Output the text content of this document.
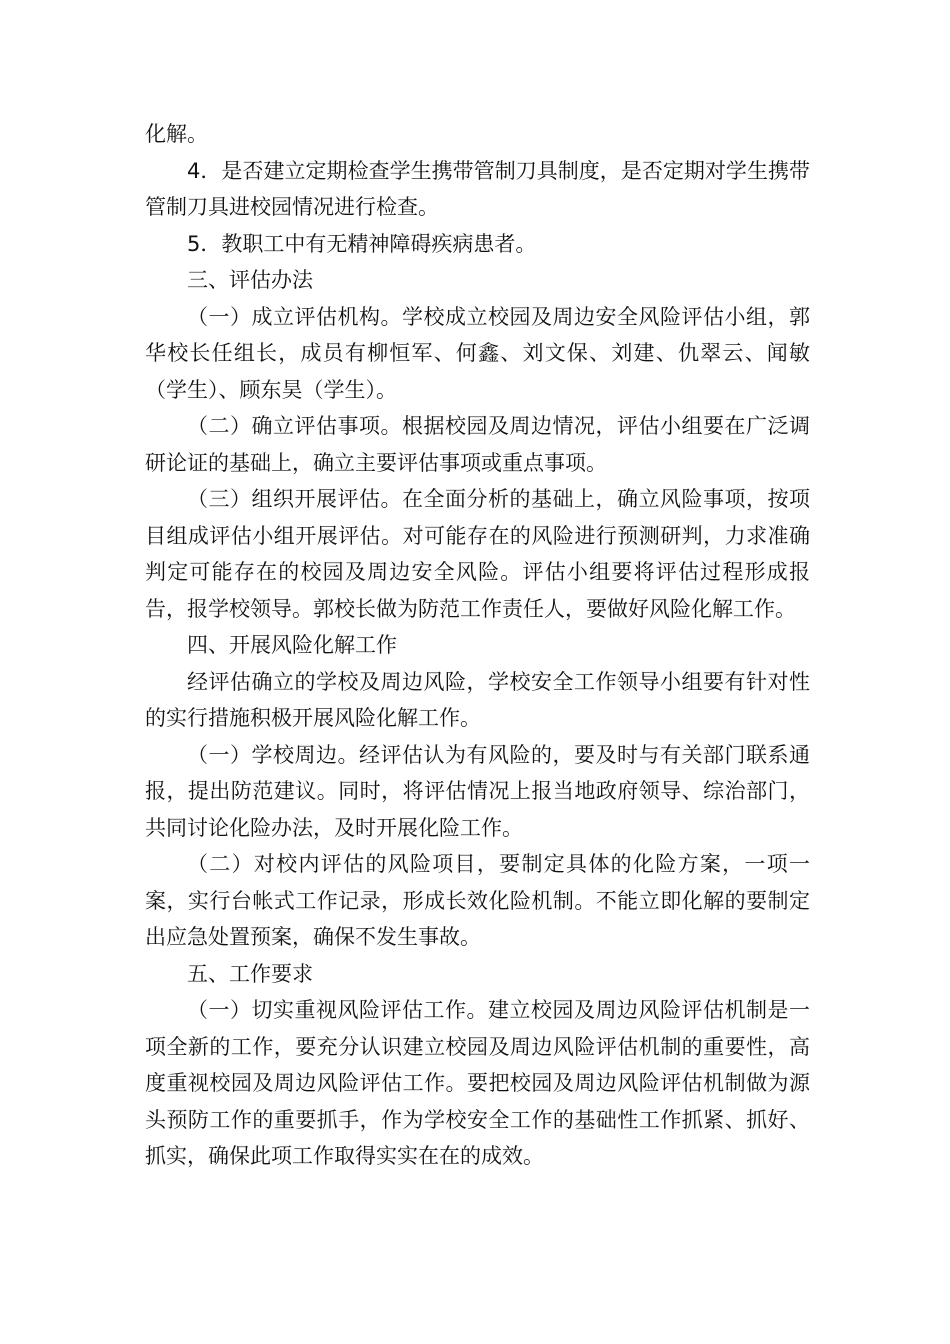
化解。

4．是否建立定期检查学生携带管制刀具制度，是否定期对学生携带管制刀具进校园情况进行检查。

5．教职工中有无精神障碍疾病患者。

三、评估办法

（一）成立评估机构。学校成立校园及周边安全风险评估小组，郭华校长任组长，成员有柳恒军、何鑫、刘文保、刘建、仇翠云、闻敏（学生）、顾东昊（学生）。

（二）确立评估事项。根据校园及周边情况，评估小组要在广泛调研论证的基础上，确立主要评估事项或重点事项。

（三）组织开展评估。在全面分析的基础上，确立风险事项，按项目组成评估小组开展评估。对可能存在的风险进行预测研判，力求准确判定可能存在的校园及周边安全风险。评估小组要将评估过程形成报告，报学校领导。郭校长做为防范工作责任人，要做好风险化解工作。

四、开展风险化解工作

经评估确立的学校及周边风险，学校安全工作领导小组要有针对性的实行措施积极开展风险化解工作。

（一）学校周边。经评估认为有风险的，要及时与有关部门联系通报，提出防范建议。同时，将评估情况上报当地政府领导、综治部门，共同讨论化险办法，及时开展化险工作。

（二）对校内评估的风险项目，要制定具体的化险方案，一项一案，实行台帐式工作记录，形成长效化险机制。不能立即化解的要制定出应急处置预案，确保不发生事故。

五、工作要求

（一）切实重视风险评估工作。建立校园及周边风险评估机制是一项全新的工作，要充分认识建立校园及周边风险评估机制的重要性，高度重视校园及周边风险评估工作。要把校园及周边风险评估机制做为源头预防工作的重要抓手，作为学校安全工作的基础性工作抓紧、抓好、抓实，确保此项工作取得实实在在的成效。
